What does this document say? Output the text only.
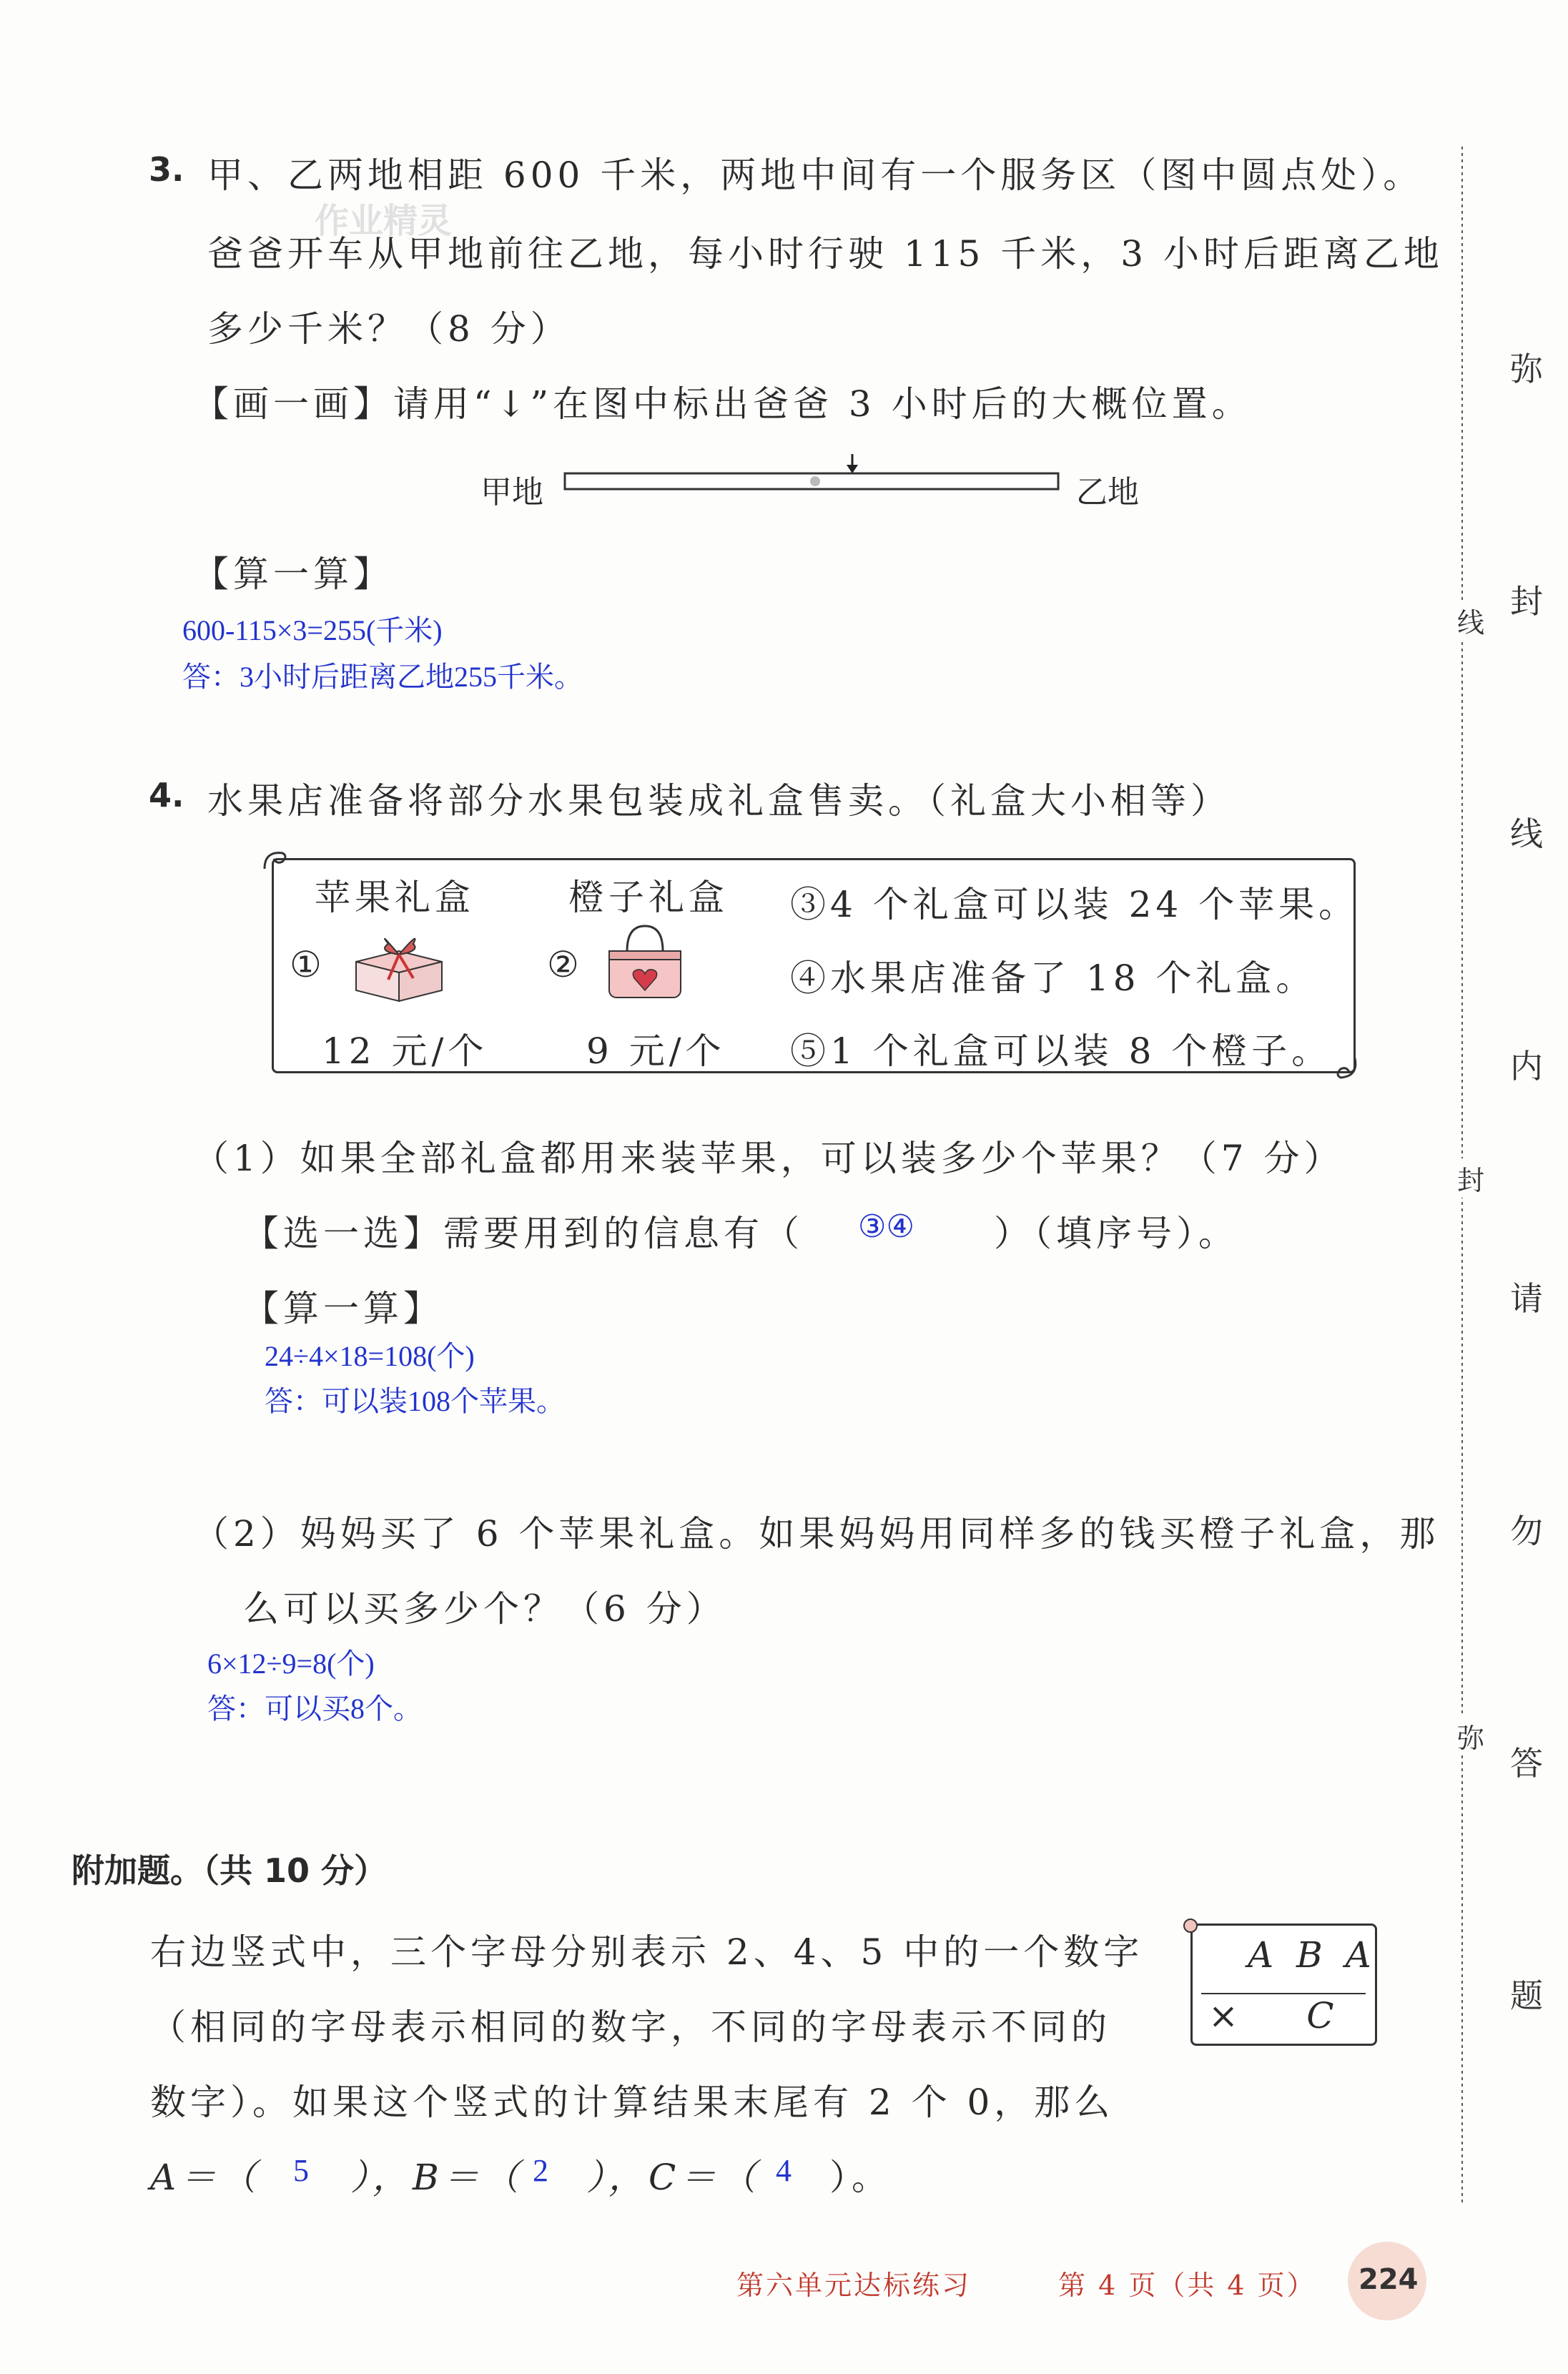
作业精灵
3. 甲、乙两地相距 600 千米，两地中间有一个服务区（图中圆点处）。
爸爸开车从甲地前往乙地，每小时行驶 115 千米，3 小时后距离乙地
多少千米？（8 分）
【画一画】请用“↓”在图中标出爸爸 3 小时后的大概位置。
甲地	乙地
【算一算】
600-115×3=255(千米)
答：3小时后距离乙地255千米。
4. 水果店准备将部分水果包装成礼盒售卖。（礼盒大小相等）
苹果礼盒
①
12 元/个
橙子礼盒
②
9 元/个
③4 个礼盒可以装 24 个苹果。
④水果店准备了 18 个礼盒。
⑤1 个礼盒可以装 8 个橙子。
（1）如果全部礼盒都用来装苹果，可以装多少个苹果？（7 分）
【选一选】需要用到的信息有（ ③④ ）（填序号）。
【算一算】
24÷4×18=108(个)
答：可以装108个苹果。
（2）妈妈买了 6 个苹果礼盒。如果妈妈用同样多的钱买橙子礼盒，那
么可以买多少个？（6 分）
6×12÷9=8(个)
答：可以买8个。
附加题。（共 10 分）
右边竖式中，三个字母分别表示 2、4、5 中的一个数字
（相同的字母表示相同的数字，不同的字母表示不同的
数字）。如果这个竖式的计算结果末尾有 2 个 0，那么
A＝（ 5 ），B＝（ 2 ），C＝（ 4 ）。
A B A
×      C
线
封
弥
弥
封
线
内
请
勿
答
题
第六单元达标练习	第 4 页（共 4 页） 224
